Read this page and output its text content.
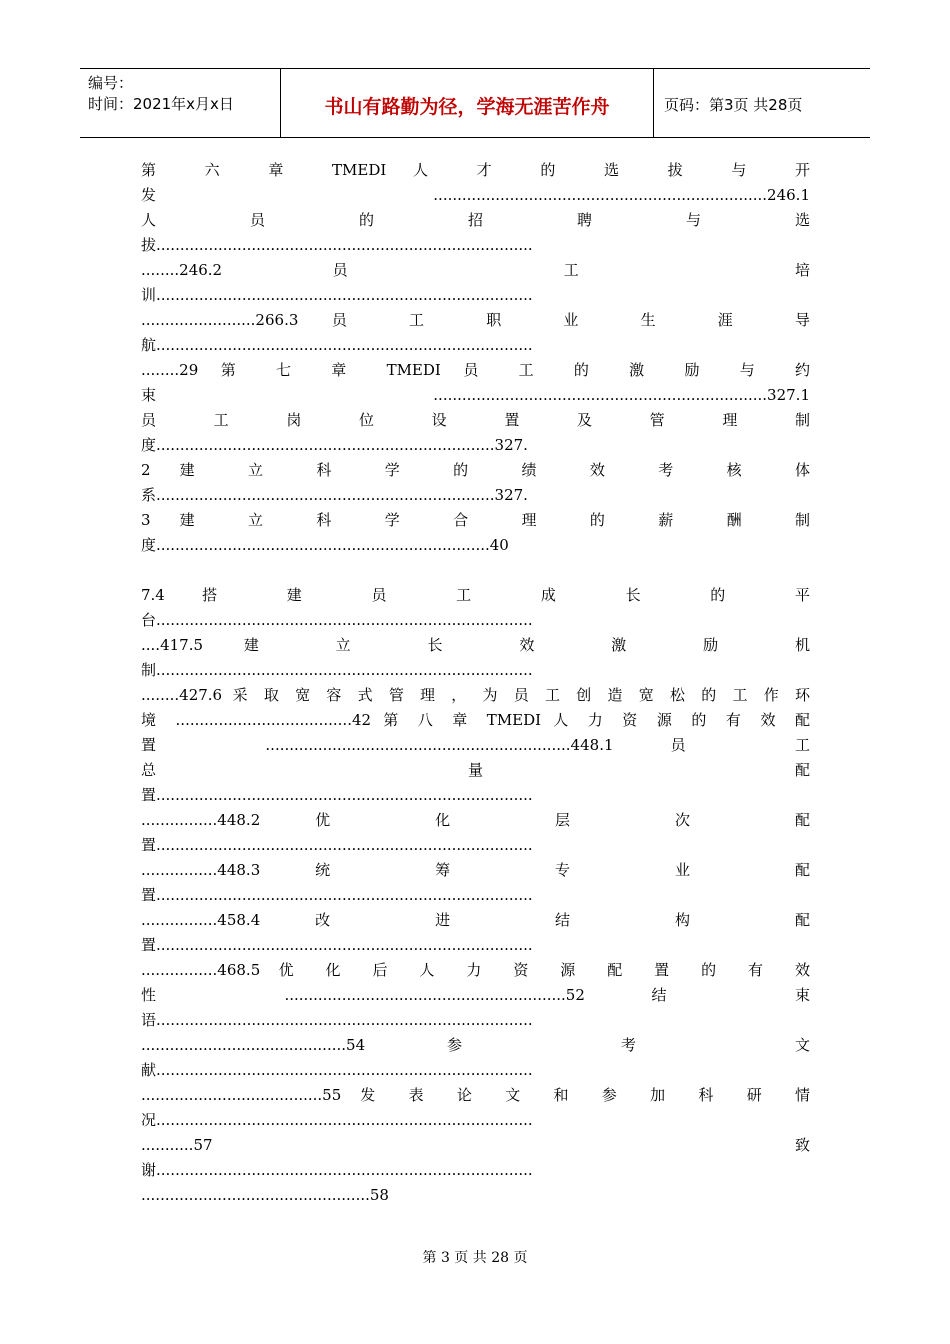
编号：
时间：2021年x月x日	书山有路勤为径，学海无涯苦作舟	页码：第3页 共28页
第 六 章 TMEDI 人 才 的 选 拔 与 开
发 ......................................................................246.1
人 员 的 招 聘 与 选
拔...............................................................................
........246.2 员 工 培
训...............................................................................
........................266.3 员 工 职 业 生 涯 导
航...............................................................................
........29 第 七 章 TMEDI 员 工 的 激 励 与 约
束 ......................................................................327.1
员 工 岗 位 设 置 及 管 理 制
度.......................................................................327.
2 建 立 科 学 的 绩 效 考 核 体
系.......................................................................327.
3 建 立 科 学 合 理 的 薪 酬 制
度......................................................................40
7.4 搭 建 员 工 成 长 的 平
台...............................................................................
....417.5 建 立 长 效 激 励 机
制...............................................................................
........427.6 采 取 宽 容 式 管 理 ， 为 员 工 创 造 宽 松 的 工 作 环
境 .....................................42 第 八 章 TMEDI 人 力 资 源 的 有 效 配
置 ................................................................448.1 员 工
总 量 配
置...............................................................................
................448.2 优 化 层 次 配
置...............................................................................
................448.3 统 筹 专 业 配
置...............................................................................
................458.4 改 进 结 构 配
置...............................................................................
................468.5 优 化 后 人 力 资 源 配 置 的 有 效
性 ...........................................................52 结 束
语...............................................................................
...........................................54 参 考 文
献...............................................................................
......................................55 发 表 论 文 和 参 加 科 研 情
况...............................................................................
...........57 致
谢...............................................................................
................................................58
第 3 页 共 28 页
